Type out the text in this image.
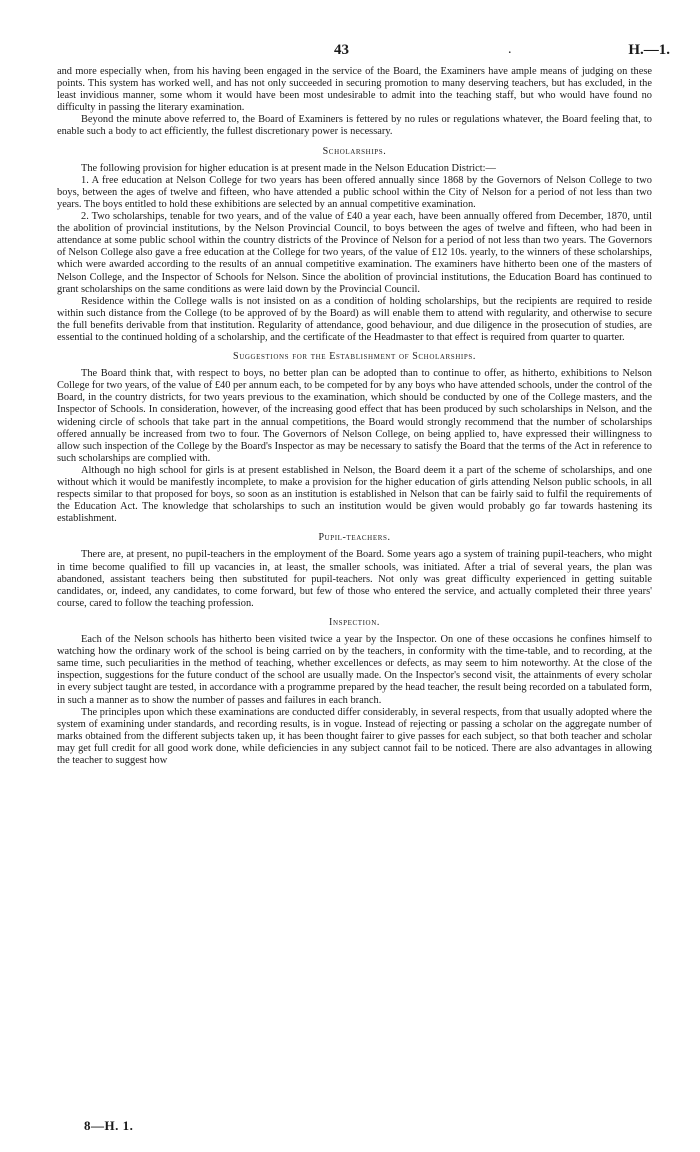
43	.	H.—1.

and more especially when, from his having been engaged in the service of the Board, the Examiners have ample means of judging on these points. This system has worked well, and has not only succeeded in securing promotion to many deserving teachers, but has excluded, in the least invidious manner, some whom it would have been most undesirable to admit into the teaching staff, but who would have found no difficulty in passing the literary examination.

Beyond the minute above referred to, the Board of Examiners is fettered by no rules or regulations whatever, the Board feeling that, to enable such a body to act efficiently, the fullest discretionary power is necessary.

Scholarships.

The following provision for higher education is at present made in the Nelson Education District:—

1. A free education at Nelson College for two years has been offered annually since 1868 by the Governors of Nelson College to two boys, between the ages of twelve and fifteen, who have attended a public school within the City of Nelson for a period of not less than two years. The boys entitled to hold these exhibitions are selected by an annual competitive examination.

2. Two scholarships, tenable for two years, and of the value of £40 a year each, have been annually offered from December, 1870, until the abolition of provincial institutions, by the Nelson Provincial Council, to boys between the ages of twelve and fifteen, who had been in attendance at some public school within the country districts of the Province of Nelson for a period of not less than two years. The Governors of Nelson College also gave a free education at the College for two years, of the value of £12 10s. yearly, to the winners of these scholarships, which were awarded according to the results of an annual competitive examination. The examiners have hitherto been one of the masters of Nelson College, and the Inspector of Schools for Nelson. Since the abolition of provincial institutions, the Education Board has continued to grant scholarships on the same conditions as were laid down by the Provincial Council.

Residence within the College walls is not insisted on as a condition of holding scholarships, but the recipients are required to reside within such distance from the College (to be approved of by the Board) as will enable them to attend with regularity, and otherwise to secure the full benefits derivable from that institution. Regularity of attendance, good behaviour, and due diligence in the prosecution of studies, are essential to the continued holding of a scholarship, and the certificate of the Headmaster to that effect is required from quarter to quarter.

Suggestions for the Establishment of Scholarships.

The Board think that, with respect to boys, no better plan can be adopted than to continue to offer, as hitherto, exhibitions to Nelson College for two years, of the value of £40 per annum each, to be competed for by any boys who have attended schools, under the control of the Board, in the country districts, for two years previous to the examination, which should be conducted by one of the College masters, and the Inspector of Schools. In consideration, however, of the increasing good effect that has been produced by such scholarships in Nelson, and the widening circle of schools that take part in the annual competitions, the Board would strongly recommend that the number of scholarships offered annually be increased from two to four. The Governors of Nelson College, on being applied to, have expressed their willingness to allow such inspection of the College by the Board's Inspector as may be necessary to satisfy the Board that the terms of the Act in reference to such scholarships are complied with.

Although no high school for girls is at present established in Nelson, the Board deem it a part of the scheme of scholarships, and one without which it would be manifestly incomplete, to make a provision for the higher education of girls attending Nelson public schools, in all respects similar to that proposed for boys, so soon as an institution is established in Nelson that can be fairly said to fulfil the requirements of the Education Act. The knowledge that scholarships to such an institution would be given would probably go far towards hastening its establishment.

Pupil-teachers.

There are, at present, no pupil-teachers in the employment of the Board. Some years ago a system of training pupil-teachers, who might in time become qualified to fill up vacancies in, at least, the smaller schools, was initiated. After a trial of several years, the plan was abandoned, assistant teachers being then substituted for pupil-teachers. Not only was great difficulty experienced in getting suitable candidates, or, indeed, any candidates, to come forward, but few of those who entered the service, and actually completed their three years' course, cared to follow the teaching profession.

Inspection.

Each of the Nelson schools has hitherto been visited twice a year by the Inspector. On one of these occasions he confines himself to watching how the ordinary work of the school is being carried on by the teachers, in conformity with the time-table, and to recording, at the same time, such peculiarities in the method of teaching, whether excellences or defects, as may seem to him noteworthy. At the close of the inspection, suggestions for the future conduct of the school are usually made. On the Inspector's second visit, the attainments of every scholar in every subject taught are tested, in accordance with a programme prepared by the head teacher, the result being recorded on a tabulated form, in such a manner as to show the number of passes and failures in each branch.

The principles upon which these examinations are conducted differ considerably, in several respects, from that usually adopted where the system of examining under standards, and recording results, is in vogue. Instead of rejecting or passing a scholar on the aggregate number of marks obtained from the different subjects taken up, it has been thought fairer to give passes for each subject, so that both teacher and scholar may get full credit for all good work done, while deficiencies in any subject cannot fail to be noticed. There are also advantages in allowing the teacher to suggest how

8—H. 1.
